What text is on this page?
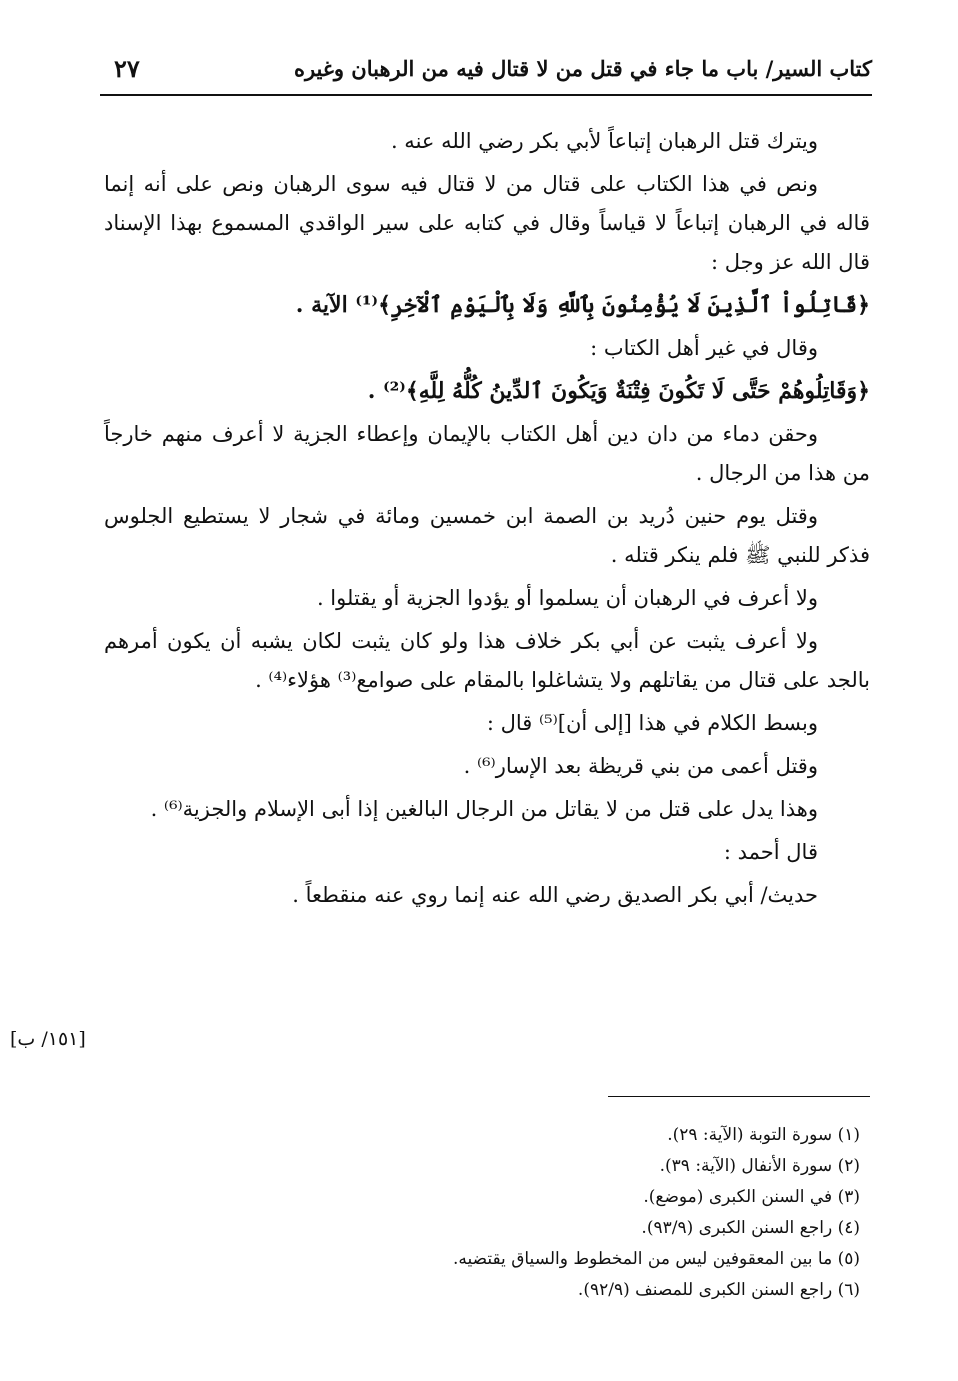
كتاب السير/ باب ما جاء في قتل من لا قتال فيه من الرهبان وغيره
٢٧

ويترك قتل الرهبان إتباعاً لأبي بكر رضي الله عنه .

ونص في هذا الكتاب على قتال من لا قتال فيه سوى الرهبان ونص على أنه إنما قاله في الرهبان إتباعاً لا قياساً وقال في كتابه على سير الواقدي المسموع بهذا الإسناد قال الله عز وجل :

﴿قَاتِلُواْ ٱلَّذِينَ لَا يُؤْمِنُونَ بِٱللَّهِ وَلَا بِٱلْيَوْمِ ٱلْآخِرِ﴾⁽¹⁾ الآية .

وقال في غير أهل الكتاب :

﴿وَقَاتِلُوهُمْ حَتَّى لَا تَكُونَ فِتْنَةٌ وَيَكُونَ ٱلدِّينُ كُلُّهُ لِلَّهِ﴾⁽²⁾ .

وحقن دماء من دان دين أهل الكتاب بالإيمان وإعطاء الجزية لا أعرف منهم خارجاً من هذا من الرجال .

وقتل يوم حنين دُريد بن الصمة ابن خمسين ومائة في شجار لا يستطيع الجلوس فذكر للنبي ﷺ فلم ينكر قتله .

ولا أعرف في الرهبان أن يسلموا أو يؤدوا الجزية أو يقتلوا .

ولا أعرف يثبت عن أبي بكر خلاف هذا ولو كان يثبت لكان يشبه أن يكون أمرهم بالجد على قتال من يقاتلهم ولا يتشاغلوا بالمقام على صوامع⁽³⁾ هؤلاء⁽⁴⁾ .

وبسط الكلام في هذا [إلى أن]⁽⁵⁾ قال :

وقتل أعمى من بني قريظة بعد الإسار⁽⁶⁾ .

وهذا يدل على قتل من لا يقاتل من الرجال البالغين إذا أبى الإسلام والجزية⁽⁶⁾ .

قال أحمد :

حديث/ أبي بكر الصديق رضي الله عنه إنما روي عنه منقطعاً .

[١٥١/ ب]
(١) سورة التوبة (الآية: ٢٩).
(٢) سورة الأنفال (الآية: ٣٩).
(٣) في السنن الكبرى (موضع).
(٤) راجع السنن الكبرى (٩٣/٩).
(٥) ما بين المعقوفين ليس من المخطوط والسياق يقتضيه.
(٦) راجع السنن الكبرى للمصنف (٩٢/٩).
